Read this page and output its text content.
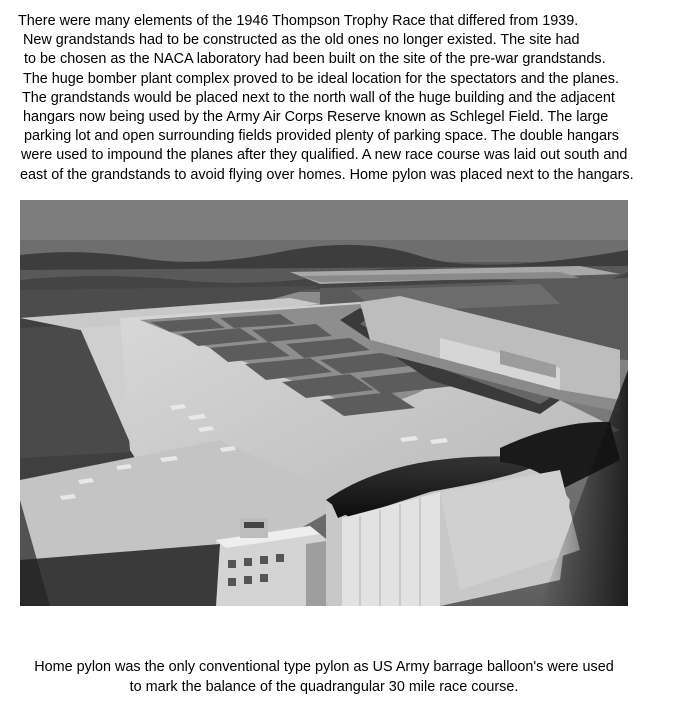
There were many elements of the 1946 Thompson Trophy Race that differed from 1939.
New grandstands had to be constructed as the old ones no longer existed. The site had
to be chosen as the NACA laboratory had been built on the site of the pre-war grandstands.
The huge bomber plant complex proved to be ideal location for the spectators and the planes.
The grandstands would be placed next to the north wall of the huge building and the adjacent
hangars now being used by the Army Air Corps Reserve known as Schlegel Field. The large
parking lot and open surrounding fields provided plenty of parking space. The double hangars
were used to impound the planes after they qualified. A new race course was laid out south and
east of the grandstands to avoid flying over homes. Home pylon was placed next to the hangars.
Home pylon was the only conventional type pylon as US Army barrage balloon's were used
to mark the balance of the quadrangular 30 mile race course.
